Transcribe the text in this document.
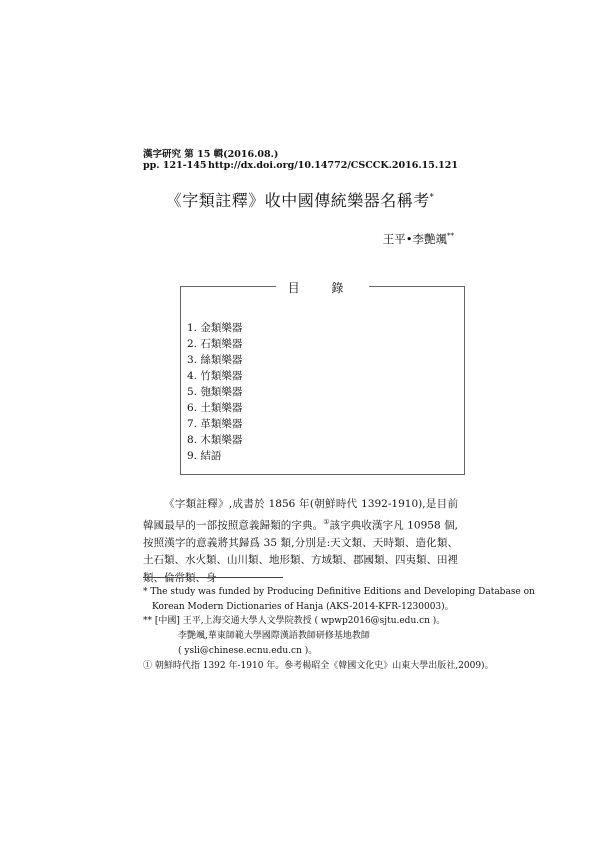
漢字研究 第 15 輯(2016.08.)
pp. 121-145 http://dx.doi.org/10.14772/CSCCK.2016.15.121
《字類註釋》收中國傳統樂器名稱考*
王平•李艷颯**
目 錄
1. 金類樂器
2. 石類樂器
3. 絲類樂器
4. 竹類樂器
5. 匏類樂器
6. 土類樂器
7. 革類樂器
8. 木類樂器
9. 結語

《字類註釋》,成書於 1856 年(朝鮮時代 1392-1910),是目前韓國最早的一部按照意義歸類的字典。①該字典收漢字凡 10958 個,按照漢字的意義將其歸爲 35 類,分別是:天文類、天時類、造化類、土石類、水火類、山川類、地形類、方域類、郡國類、四夷類、田裡類、倫常類、身

* The study was funded by Producing Definitive Editions and Developing Database on
Korean Modern Dictionaries of Hanja (AKS-2014-KFR-1230003)。
** [中國] 王平,上海交通大學人文學院教授 ( wpwp2016@sjtu.edu.cn )。
李艷颯,華東師範大學國際漢語教師研修基地教師
( ysli@chinese.ecnu.edu.cn )。
① 朝鮮時代指 1392 年-1910 年。參考楊昭全《韓國文化史》山東大學出版社,2009)。
